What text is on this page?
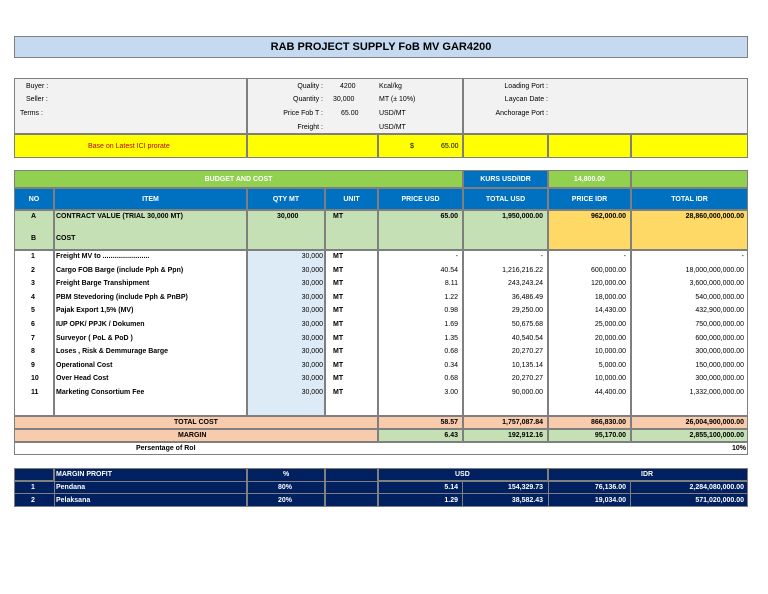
RAB PROJECT SUPPLY FoB MV GAR4200
Buyer :
Seller :
Terms :
Quality : 4200	Kcal/kg
Quantity : 30,000	MT (± 10%)
Price Fob T :	65.00	USD/MT
Freight :	USD/MT
Loading Port :
Laycan Date :
Anchorage Port :
Base on Latest ICI prorate	$	65.00
BUDGET AND COST	KURS USD/IDR	14,800.00
NO	ITEM	QTY MT	UNIT	PRICE USD	TOTAL USD	PRICE IDR	TOTAL IDR
A	CONTRACT VALUE (TRIAL 30,000 MT)	30,000	MT	65.00	1,950,000.00	962,000.00	28,860,000,000.00
B	COST
1	Freight MV to ........................	30,000 MT	-	-	-	-
2	Cargo FOB Barge (include Pph & Ppn)	30,000 MT	40.54	1,216,216.22	600,000.00	18,000,000,000.00
3	Freight Barge Transhipment	30,000 MT	8.11	243,243.24	120,000.00	3,600,000,000.00
4	PBM Stevedoring (include Pph & PnBP)	30,000 MT	1.22	36,486.49	18,000.00	540,000,000.00
5	Pajak Export 1,5% (MV)	30,000 MT	0.98	29,250.00	14,430.00	432,900,000.00
6	IUP OPK/ PPJK / Dokumen	30,000 MT	1.69	50,675.68	25,000.00	750,000,000.00
7	Surveyor ( PoL & PoD )	30,000 MT	1.35	40,540.54	20,000.00	600,000,000.00
8	Loses , Risk & Demmurage Barge	30,000 MT	0.68	20,270.27	10,000.00	300,000,000.00
9	Operational Cost	30,000 MT	0.34	10,135.14	5,000.00	150,000,000.00
10 Over Head Cost	30,000 MT	0.68	20,270.27	10,000.00	300,000,000.00
11	Marketing Consortium Fee	30,000 MT	3.00	90,000.00	44,400.00	1,332,000,000.00
TOTAL COST	58.57	1,757,087.84	866,830.00	26,004,900,000.00
MARGIN	6.43	192,912.16	95,170.00	2,855,100,000.00
Persentage of RoI	10%
MARGIN PROFIT	%	USD	IDR
1	Pendana	80%	5.14	154,329.73	76,136.00	2,284,080,000.00
2	Pelaksana	20%	1.29	38,582.43	19,034.00	571,020,000.00
